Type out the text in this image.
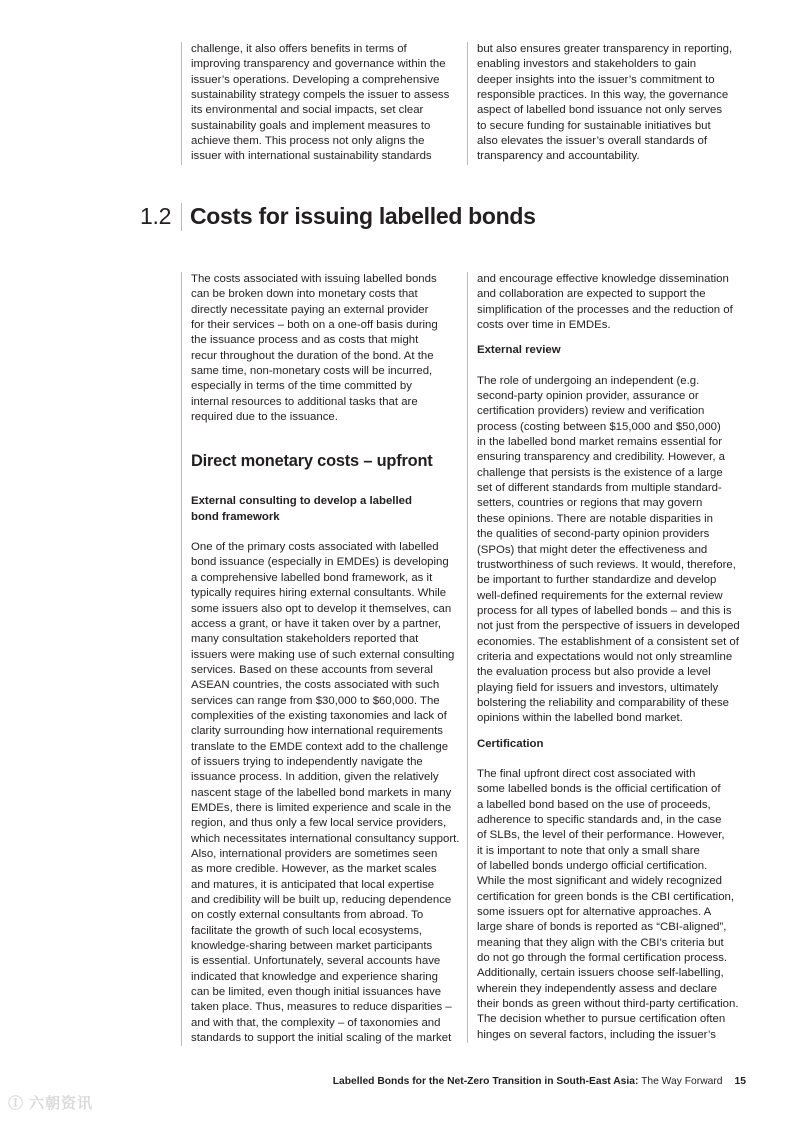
challenge, it also offers benefits in terms of
improving transparency and governance within the
issuer’s operations. Developing a comprehensive
sustainability strategy compels the issuer to assess
its environmental and social impacts, set clear
sustainability goals and implement measures to
achieve them. This process not only aligns the
issuer with international sustainability standards

but also ensures greater transparency in reporting,
enabling investors and stakeholders to gain
deeper insights into the issuer’s commitment to
responsible practices. In this way, the governance
aspect of labelled bond issuance not only serves
to secure funding for sustainable initiatives but
also elevates the issuer’s overall standards of
transparency and accountability.

1.2 Costs for issuing labelled bonds

The costs associated with issuing labelled bonds
can be broken down into monetary costs that
directly necessitate paying an external provider
for their services – both on a one-off basis during
the issuance process and as costs that might
recur throughout the duration of the bond. At the
same time, non-monetary costs will be incurred,
especially in terms of the time committed by
internal resources to additional tasks that are
required due to the issuance.

Direct monetary costs – upfront
External consulting to develop a labelled
bond framework

One of the primary costs associated with labelled
bond issuance (especially in EMDEs) is developing
a comprehensive labelled bond framework, as it
typically requires hiring external consultants. While
some issuers also opt to develop it themselves, can
access a grant, or have it taken over by a partner,
many consultation stakeholders reported that
issuers were making use of such external consulting
services. Based on these accounts from several
ASEAN countries, the costs associated with such
services can range from $30,000 to $60,000. The
complexities of the existing taxonomies and lack of
clarity surrounding how international requirements
translate to the EMDE context add to the challenge
of issuers trying to independently navigate the
issuance process. In addition, given the relatively
nascent stage of the labelled bond markets in many
EMDEs, there is limited experience and scale in the
region, and thus only a few local service providers,
which necessitates international consultancy support.
Also, international providers are sometimes seen
as more credible. However, as the market scales
and matures, it is anticipated that local expertise
and credibility will be built up, reducing dependence
on costly external consultants from abroad. To
facilitate the growth of such local ecosystems,
knowledge-sharing between market participants
is essential. Unfortunately, several accounts have
indicated that knowledge and experience sharing
can be limited, even though initial issuances have
taken place. Thus, measures to reduce disparities –
and with that, the complexity – of taxonomies and
standards to support the initial scaling of the market

and encourage effective knowledge dissemination
and collaboration are expected to support the
simplification of the processes and the reduction of
costs over time in EMDEs.

External review

The role of undergoing an independent (e.g.
second-party opinion provider, assurance or
certification providers) review and verification
process (costing between $15,000 and $50,000)
in the labelled bond market remains essential for
ensuring transparency and credibility. However, a
challenge that persists is the existence of a large
set of different standards from multiple standard-
setters, countries or regions that may govern
these opinions. There are notable disparities in
the qualities of second-party opinion providers
(SPOs) that might deter the effectiveness and
trustworthiness of such reviews. It would, therefore,
be important to further standardize and develop
well-defined requirements for the external review
process for all types of labelled bonds – and this is
not just from the perspective of issuers in developed
economies. The establishment of a consistent set of
criteria and expectations would not only streamline
the evaluation process but also provide a level
playing field for issuers and investors, ultimately
bolstering the reliability and comparability of these
opinions within the labelled bond market.

Certification

The final upfront direct cost associated with
some labelled bonds is the official certification of
a labelled bond based on the use of proceeds,
adherence to specific standards and, in the case
of SLBs, the level of their performance. However,
it is important to note that only a small share
of labelled bonds undergo official certification.
While the most significant and widely recognized
certification for green bonds is the CBI certification,
some issuers opt for alternative approaches. A
large share of bonds is reported as “CBI-aligned”,
meaning that they align with the CBI’s criteria but
do not go through the formal certification process.
Additionally, certain issuers choose self-labelling,
wherein they independently assess and declare
their bonds as green without third-party certification.
The decision whether to pursue certification often
hinges on several factors, including the issuer’s

Labelled Bonds for the Net-Zero Transition in South-East Asia: The Way Forward 15
Ⓘ 六朝资讯
